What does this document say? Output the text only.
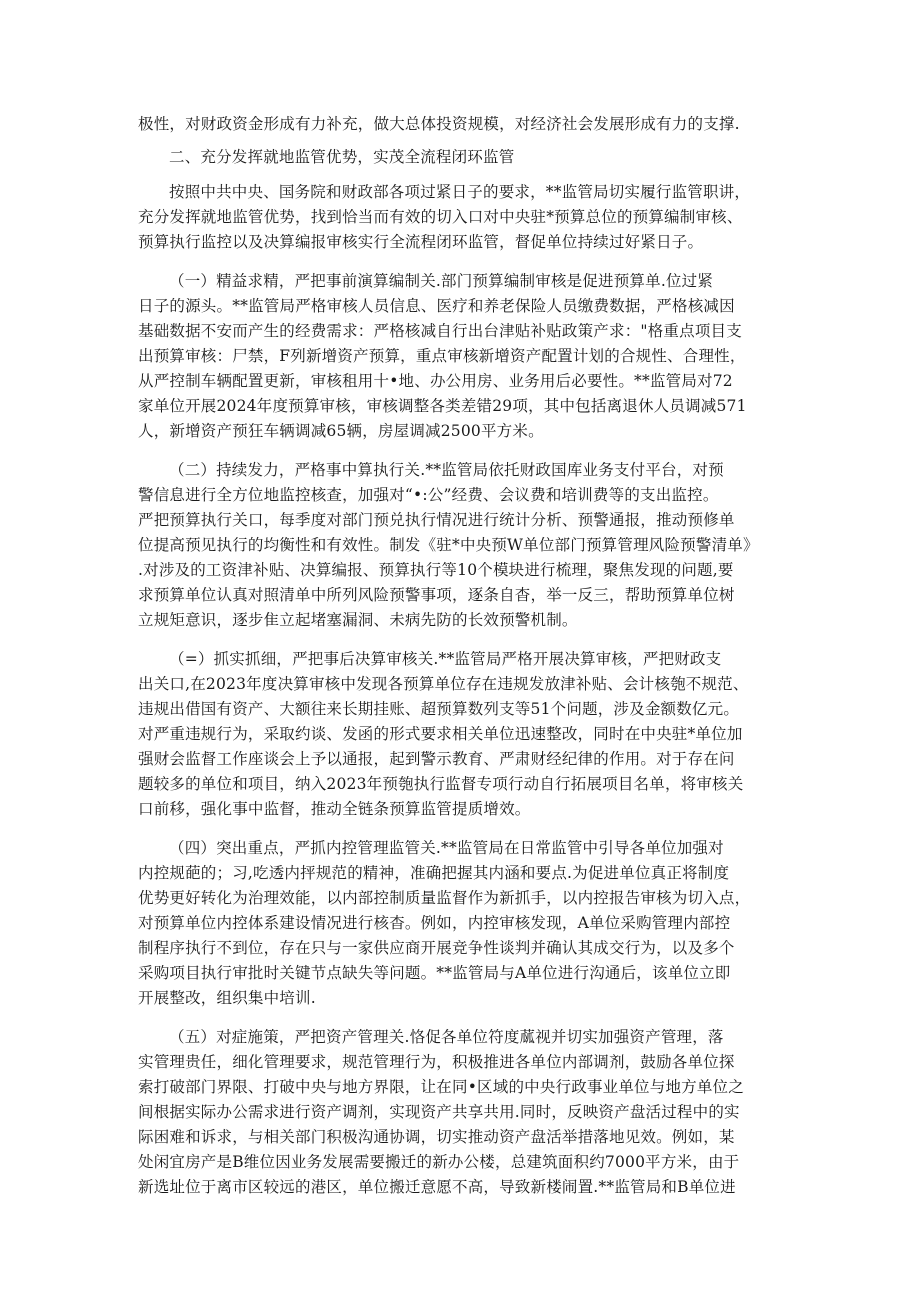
极性，对财政资金形成有力补充，做大总体投资规模，对经济社会发展形成有力的支撑.
二、充分发挥就地监管优势，实茂全流程闭环监管
按照中共中央、国务院和财政部各项过紧日子的要求，**监管局切实履行监管职讲，
充分发挥就地监管优势，找到恰当而有效的切入口对中央驻*预算总位的预算编制审核、
预算执行监控以及决算编报审核实行全流程闭环监管，督促单位持续过好紧日子。
（一）精益求精，严把事前演算编制关.部门预算编制审核是促进预算单.位过紧
日子的源头。**监管局严格审核人员信息、医疗和养老保险人员缴费数据，严格核减因
基础数据不安而产生的经费需求：严格核减自行出台津贴补贴政策产求："格重点项目支
出预算审核：尸禁，F列新增资产预算，重点审核新增资产配置计划的合规性、合理性，
从严控制车辆配置更新，审核租用十•地、办公用房、业务用后必要性。**监管局对72
家单位开展2024年度预算审核，审核调整各类差错29项，其中包括离退休人员调减571
人，新增资产预狂车辆调减65辆，房屋调减2500平方米。
（二）持续发力，严格事中算执行关.**监管局依托财政国库业务支付平台，对预
警信息进行全方位地监控核查，加强对“•:公”经费、会议费和培训费等的支出监控。
严把预算执行关口，每季度对部门预兑执行情况进行统计分析、预警通报，推动预修单
位提高预见执行的均衡性和有效性。制发《驻*中央预W单位部门预算管理风险预警清单》
.对涉及的工资津补贴、决算编报、预算执行等10个模块进行梳理，聚焦发现的问题,要
求预算单位认真对照清单中所列风险预警事项，逐条自杳，举一反三，帮助预算单位树
立规矩意识，逐步隹立起堵塞漏洞、未病先防的长效预警机制。
（=）抓实抓细，严把事后决算审核关.**监管局严格开展决算审核，严把财政支
出关口,在2023年度决算审核中发现各预算单位存在违规发放津补贴、会计核匏不规范、
违规出借国有资产、大额往来长期挂账、超预算数列支等51个问题，涉及金额数亿元。
对严重违规行为，采取约谈、发函的形式要求相关单位迅速整改，同时在中央驻*单位加
强财会监督工作座谈会上予以通报，起到警示教育、严肃财经纪律的作用。对于存在问
题较多的单位和项目，纳入2023年预匏执行监督专项行动自行拓展项目名单，将审核关
口前移，强化事中监督，推动全链条预算监管提质增效。
（四）突出重点，严抓内控管理监管关.**监管局在日常监管中引导各单位加强对
内控规葩的；习,吃透内抨规范的精神，准确把握其内涵和要点.为促进单位真正将制度
优势更好转化为治理效能，以内部控制质量监督作为新抓手，以内控报告审核为切入点，
对预算单位内控体系建设情况进行核杳。例如，内控审核发现，A单位采购管理内部控
制程序执行不到位，存在只与一家供应商开展竞争性谈判并确认其成交行为，以及多个
采购项目执行审批时关键节点缺失等问题。**监管局与A单位进行沟通后，该单位立即
开展整改，组织集中培训.
（五）对症施策，严把资产管理关.恪促各单位符度蓏视并切实加强资产管理，落
实管理贵任，细化管理要求，规范管理行为，积极推进各单位内部调剂，鼓励各单位探
索打破部门界限、打破中央与地方界限，让在同•区域的中央行政事业单位与地方单位之
间根据实际办公需求进行资产调剂，实现资产共享共用.同时，反映资产盘活过程中的实
际困难和诉求，与相关部门积极沟通协调，切实推动资产盘活举措落地见效。例如，某
处闲宜房产是B维位因业务发展需要搬迁的新办公楼，总建筑面积约7000平方米，由于
新选址位于离市区较远的港区，单位搬迁意愿不高，导致新楼闹置.**监管局和B单位进
